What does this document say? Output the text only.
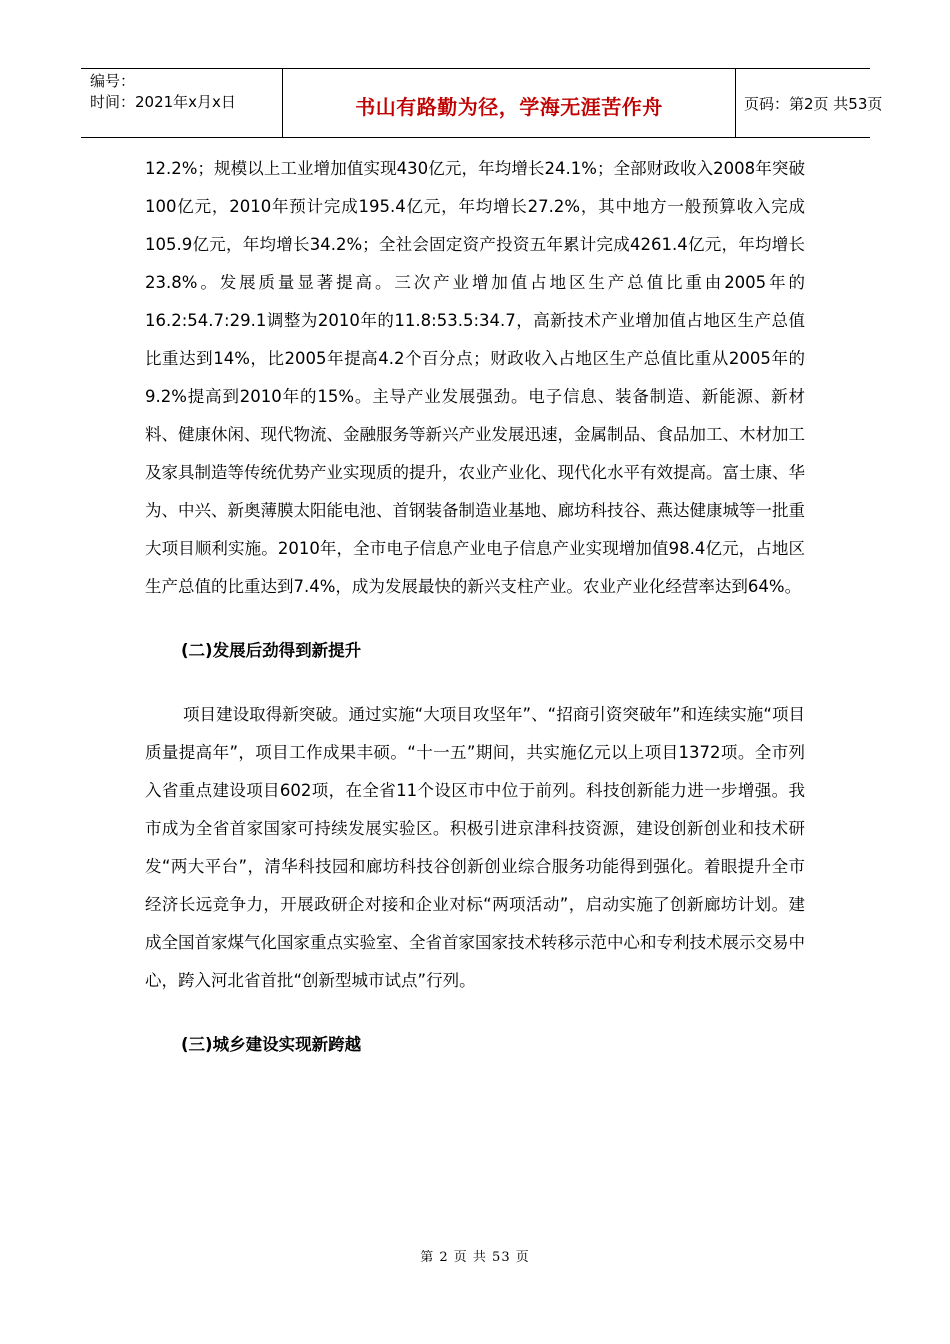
编号：
时间：2021年x月x日	书山有路勤为径，学海无涯苦作舟	页码：第2页 共53页

12.2%；规模以上工业增加值实现430亿元，年均增长24.1%；全部财政收入2008年突破100亿元，2010年预计完成195.4亿元，年均增长27.2%，其中地方一般预算收入完成105.9亿元，年均增长34.2%；全社会固定资产投资五年累计完成4261.4亿元，年均增长23.8%。发展质量显著提高。三次产业增加值占地区生产总值比重由2005年的16.2:54.7:29.1调整为2010年的11.8:53.5:34.7，高新技术产业增加值占地区生产总值比重达到14%，比2005年提高4.2个百分点；财政收入占地区生产总值比重从2005年的9.2%提高到2010年的15%。主导产业发展强劲。电子信息、装备制造、新能源、新材料、健康休闲、现代物流、金融服务等新兴产业发展迅速，金属制品、食品加工、木材加工及家具制造等传统优势产业实现质的提升，农业产业化、现代化水平有效提高。富士康、华为、中兴、新奥薄膜太阳能电池、首钢装备制造业基地、廊坊科技谷、燕达健康城等一批重大项目顺利实施。2010年，全市电子信息产业电子信息产业实现增加值98.4亿元，占地区生产总值的比重达到7.4%，成为发展最快的新兴支柱产业。农业产业化经营率达到64%。

(二)发展后劲得到新提升

项目建设取得新突破。通过实施“大项目攻坚年”、“招商引资突破年”和连续实施“项目质量提高年”，项目工作成果丰硕。“十一五”期间，共实施亿元以上项目1372项。全市列入省重点建设项目602项，在全省11个设区市中位于前列。科技创新能力进一步增强。我市成为全省首家国家可持续发展实验区。积极引进京津科技资源，建设创新创业和技术研发“两大平台”，清华科技园和廊坊科技谷创新创业综合服务功能得到强化。着眼提升全市经济长远竞争力，开展政研企对接和企业对标“两项活动”，启动实施了创新廊坊计划。建成全国首家煤气化国家重点实验室、全省首家国家技术转移示范中心和专利技术展示交易中心，跨入河北省首批“创新型城市试点”行列。

(三)城乡建设实现新跨越

第 2 页 共 53 页
